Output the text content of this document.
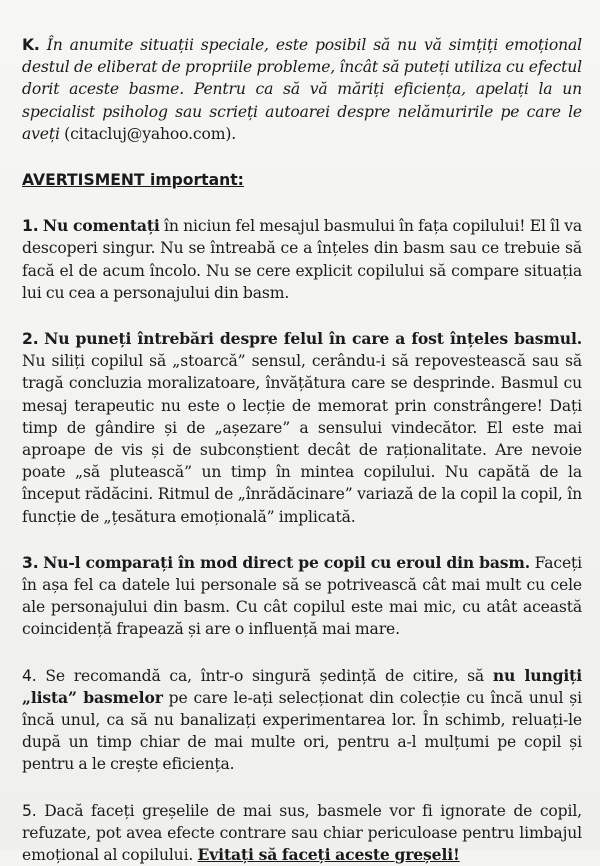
K. În anumite situații speciale, este posibil să nu vă simțiți emoțional destul de eliberat de propriile probleme, încât să puteți utiliza cu efectul dorit aceste basme. Pentru ca să vă măriți eficiența, apelați la un specialist psiholog sau scrieți autoarei despre nelămuririle pe care le aveți (citacluj@yahoo.com).

AVERTISMENT important:

1. Nu comentați în niciun fel mesajul basmului în fața copilului! El îl va descoperi singur. Nu se întreabă ce a înțeles din basm sau ce trebuie să facă el de acum încolo. Nu se cere explicit copilului să compare situația lui cu cea a personajului din basm.

2. Nu puneți întrebări despre felul în care a fost înțeles basmul. Nu siliți copilul să „stoarcă” sensul, cerându-i să repovestească sau să tragă concluzia moralizatoare, învățătura care se desprinde. Basmul cu mesaj terapeutic nu este o lecție de memorat prin constrângere! Dați timp de gândire și de „așezare” a sensului vindecător. El este mai aproape de vis și de subconștient decât de raționalitate. Are nevoie poate „să plutească” un timp în mintea copilului. Nu capătă de la început rădăcini. Ritmul de „înrădăcinare” variază de la copil la copil, în funcție de „țesătura emoțională” implicată.

3. Nu-l comparați în mod direct pe copil cu eroul din basm. Faceți în așa fel ca datele lui personale să se potrivească cât mai mult cu cele ale personajului din basm. Cu cât copilul este mai mic, cu atât această coincidență frapează și are o influență mai mare.

4. Se recomandă ca, într-o singură ședință de citire, să nu lungiți „lista” basmelor pe care le-ați selecționat din colecție cu încă unul și încă unul, ca să nu banalizați experimentarea lor. În schimb, reluați-le după un timp chiar de mai multe ori, pentru a-l mulțumi pe copil și pentru a le crește eficiența.

5. Dacă faceți greșelile de mai sus, basmele vor fi ignorate de copil, refuzate, pot avea efecte contrare sau chiar periculoase pentru limbajul emoțional al copilului. Evitați să faceți aceste greșeli!
